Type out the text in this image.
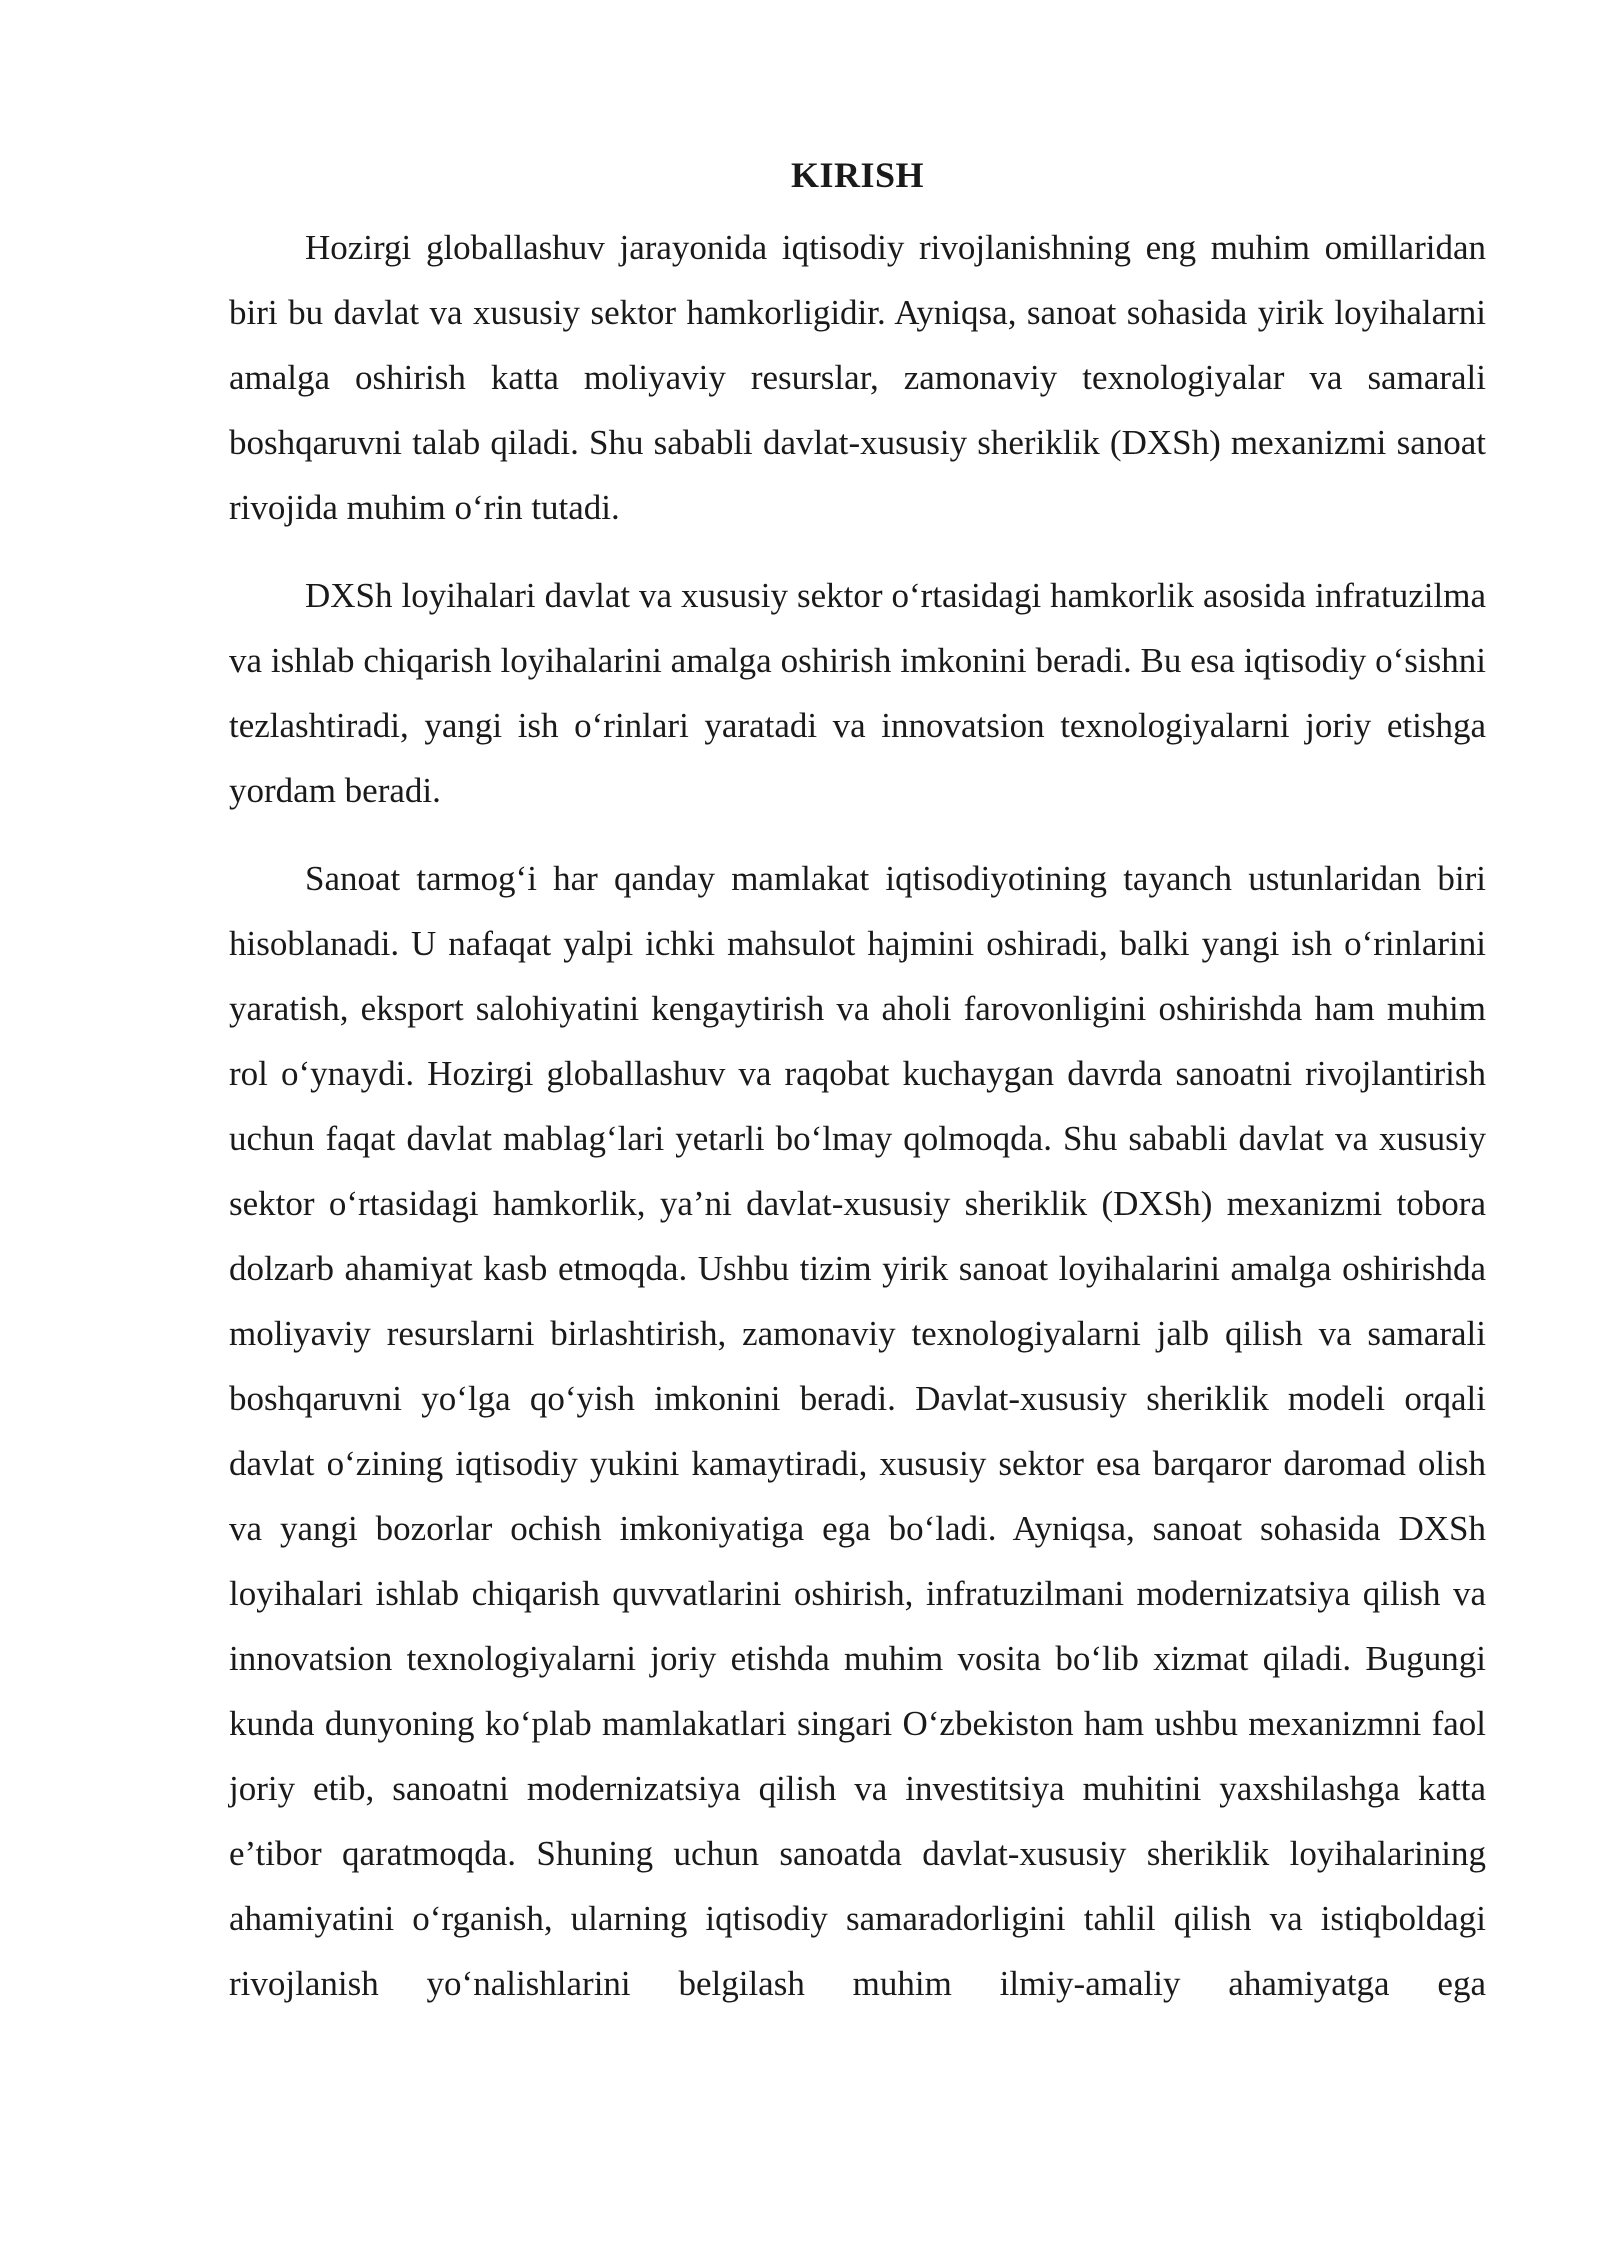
KIRISH

Hozirgi globallashuv jarayonida iqtisodiy rivojlanishning eng muhim omillaridan biri bu davlat va xususiy sektor hamkorligidir. Ayniqsa, sanoat sohasida yirik loyihalarni amalga oshirish katta moliyaviy resurslar, zamonaviy texnologiyalar va samarali boshqaruvni talab qiladi. Shu sababli davlat-xususiy sheriklik (DXSh) mexanizmi sanoat rivojida muhim o‘rin tutadi.

DXSh loyihalari davlat va xususiy sektor o‘rtasidagi hamkorlik asosida infratuzilma va ishlab chiqarish loyihalarini amalga oshirish imkonini beradi. Bu esa iqtisodiy o‘sishni tezlashtiradi, yangi ish o‘rinlari yaratadi va innovatsion texnologiyalarni joriy etishga yordam beradi.

Sanoat tarmog‘i har qanday mamlakat iqtisodiyotining tayanch ustunlaridan biri hisoblanadi. U nafaqat yalpi ichki mahsulot hajmini oshiradi, balki yangi ish o‘rinlarini yaratish, eksport salohiyatini kengaytirish va aholi farovonligini oshirishda ham muhim rol o‘ynaydi. Hozirgi globallashuv va raqobat kuchaygan davrda sanoatni rivojlantirish uchun faqat davlat mablag‘lari yetarli bo‘lmay qolmoqda. Shu sababli davlat va xususiy sektor o‘rtasidagi hamkorlik, ya’ni davlat-xususiy sheriklik (DXSh) mexanizmi tobora dolzarb ahamiyat kasb etmoqda. Ushbu tizim yirik sanoat loyihalarini amalga oshirishda moliyaviy resurslarni birlashtirish, zamonaviy texnologiyalarni jalb qilish va samarali boshqaruvni yo‘lga qo‘yish imkonini beradi. Davlat-xususiy sheriklik modeli orqali davlat o‘zining iqtisodiy yukini kamaytiradi, xususiy sektor esa barqaror daromad olish va yangi bozorlar ochish imkoniyatiga ega bo‘ladi. Ayniqsa, sanoat sohasida DXSh loyihalari ishlab chiqarish quvvatlarini oshirish, infratuzilmani modernizatsiya qilish va innovatsion texnologiyalarni joriy etishda muhim vosita bo‘lib xizmat qiladi. Bugungi kunda dunyoning ko‘plab mamlakatlari singari O‘zbekiston ham ushbu mexanizmni faol joriy etib, sanoatni modernizatsiya qilish va investitsiya muhitini yaxshilashga katta e’tibor qaratmoqda. Shuning uchun sanoatda davlat-xususiy sheriklik loyihalarining ahamiyatini o‘rganish, ularning iqtisodiy samaradorligini tahlil qilish va istiqboldagi rivojlanish yo‘nalishlarini belgilash muhim ilmiy-amaliy ahamiyatga ega
